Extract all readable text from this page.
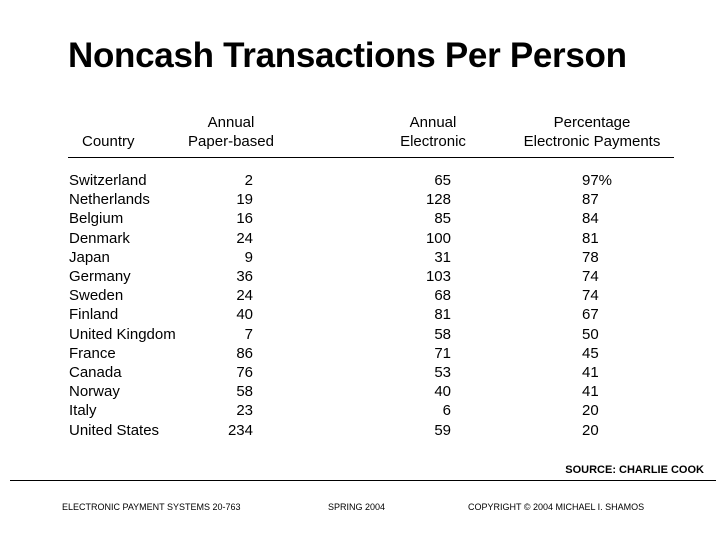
Noncash Transactions Per Person
Country
Annual
Paper-based
Annual
Electronic
Percentage
Electronic Payments
Switzerland
Netherlands
Belgium
Denmark
Japan
Germany
Sweden
Finland
United Kingdom
France
Canada
Norway
Italy
United States
2
19
16
24
9
36
24
40
7
86
76
58
23
234
65
128
85
100
31
103
68
81
58
71
53
40
6
59
97%
87
84
81
78
74
74
67
50
45
41
41
20
20
SOURCE: CHARLIE COOK
ELECTRONIC PAYMENT SYSTEMS 20-763	SPRING 2004	COPYRIGHT © 2004 MICHAEL I. SHAMOS
